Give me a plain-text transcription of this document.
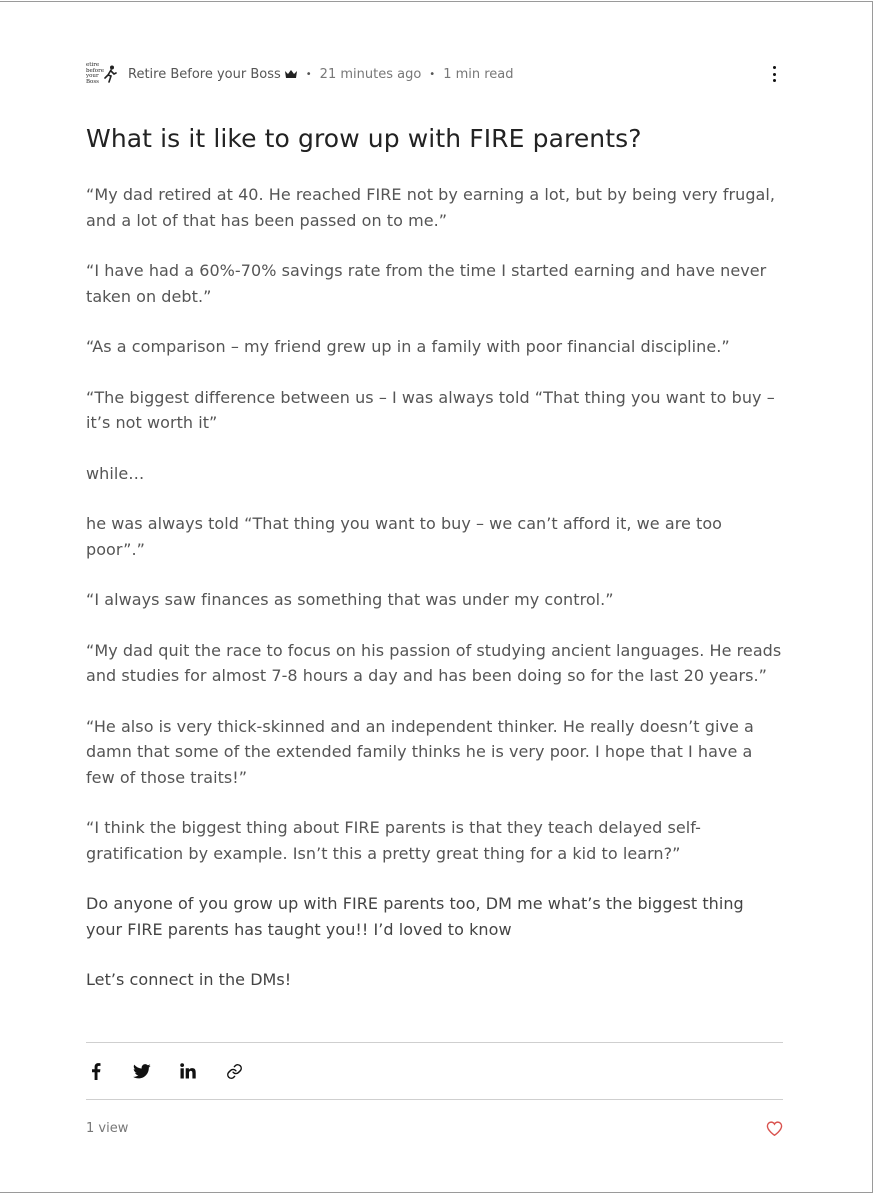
etire
before
your
Boss	Retire Before your Boss	• 21 minutes ago • 1 min read
What is it like to grow up with FIRE parents?

“My dad retired at 40. He reached FIRE not by earning a lot, but by being very frugal, and a lot of that has been passed on to me.”

“I have had a 60%-70% savings rate from the time I started earning and have never taken on debt.”

“As a comparison – my friend grew up in a family with poor financial discipline.”

“The biggest difference between us – I was always told “That thing you want to buy – it’s not worth it”

while…

he was always told “That thing you want to buy – we can’t afford it, we are too poor”.”

“I always saw finances as something that was under my control.”

“My dad quit the race to focus on his passion of studying ancient languages. He reads and studies for almost 7-8 hours a day and has been doing so for the last 20 years.”

“He also is very thick-skinned and an independent thinker. He really doesn’t give a damn that some of the extended family thinks he is very poor. I hope that I have a few of those traits!”

“I think the biggest thing about FIRE parents is that they teach delayed self-gratification by example. Isn’t this a pretty great thing for a kid to learn?”

Do anyone of you grow up with FIRE parents too, DM me what’s the biggest thing your FIRE parents has taught you!! I’d loved to know

Let’s connect in the DMs!

1 view
